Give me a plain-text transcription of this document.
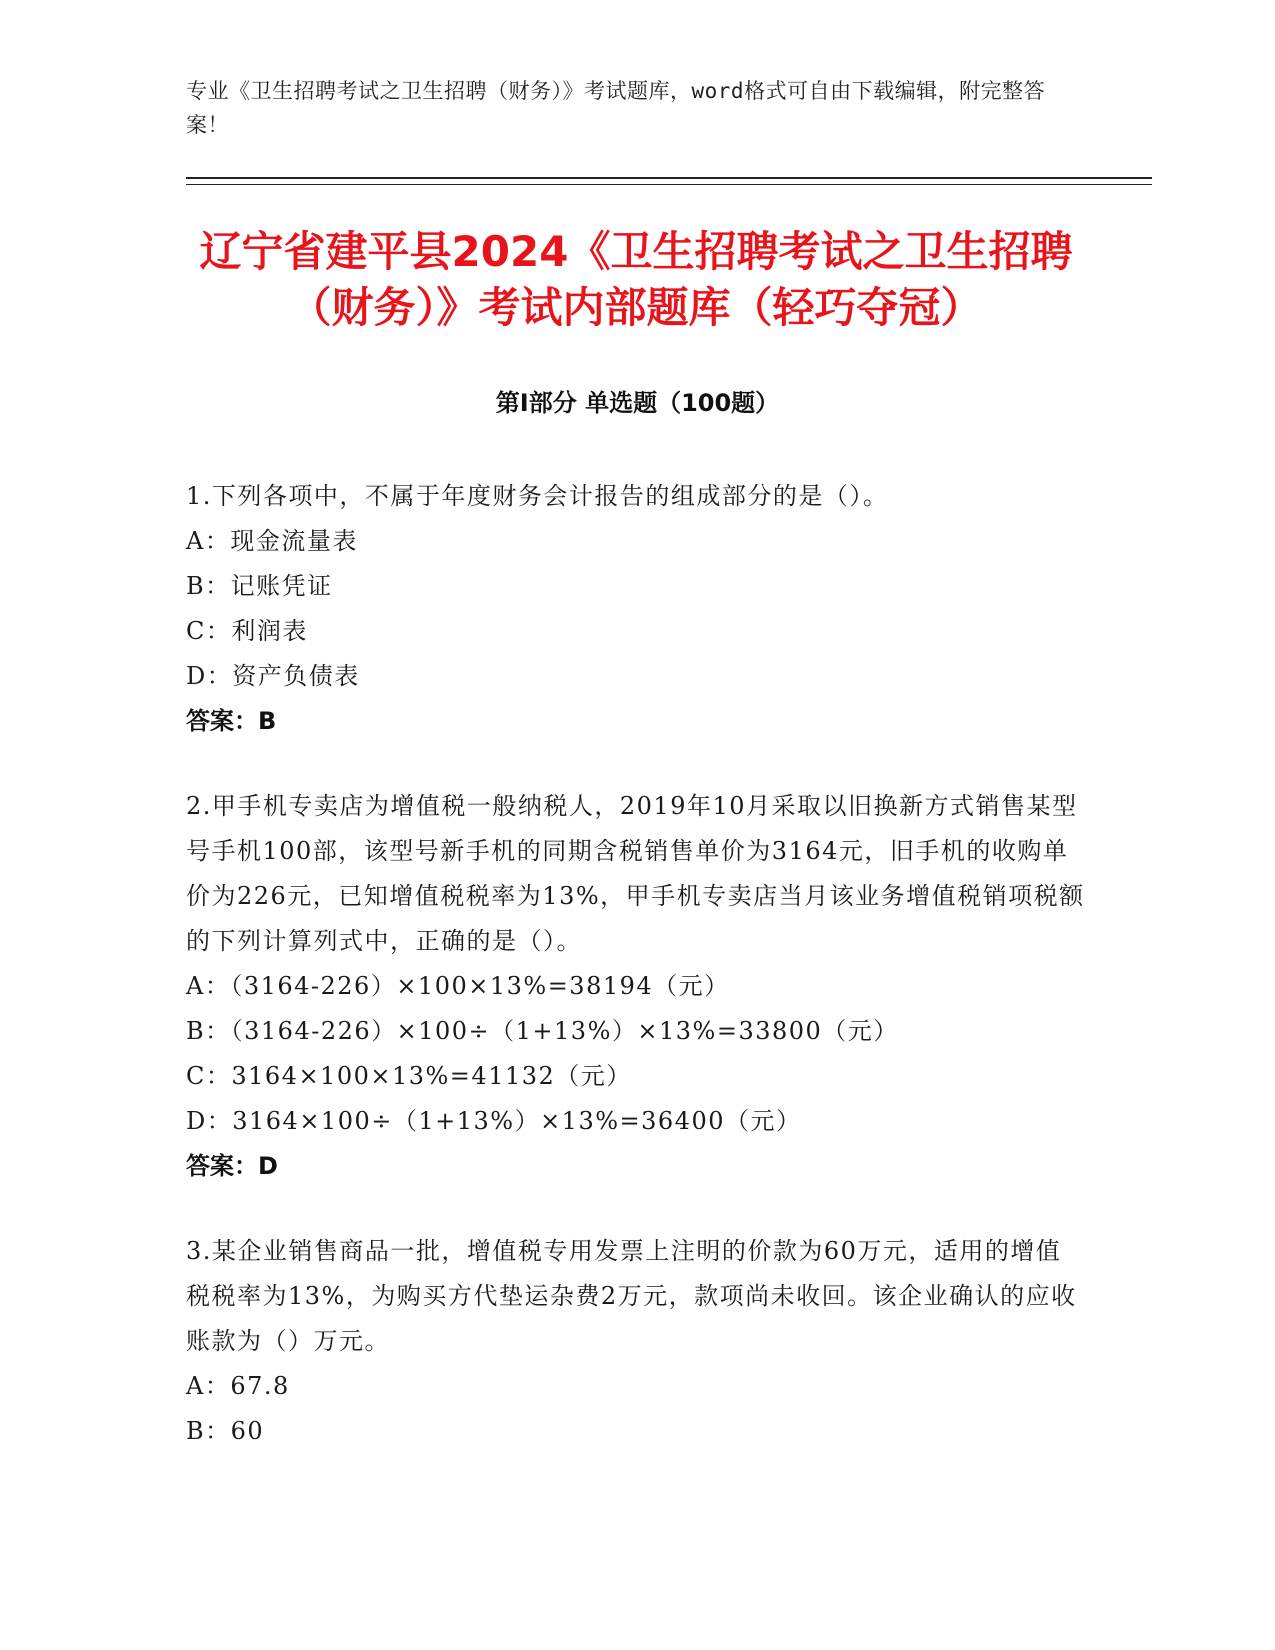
专业《卫生招聘考试之卫生招聘（财务）》考试题库，word格式可自由下载编辑，附完整答案！
辽宁省建平县2024《卫生招聘考试之卫生招聘（财务）》考试内部题库（轻巧夺冠）
第I部分 单选题（100题）

1.下列各项中，不属于年度财务会计报告的组成部分的是（）。

A：现金流量表

B：记账凭证

C：利润表

D：资产负债表

答案：B

2.甲手机专卖店为增值税一般纳税人，2019年10月采取以旧换新方式销售某型号手机100部，该型号新手机的同期含税销售单价为3164元，旧手机的收购单价为226元，已知增值税税率为13%，甲手机专卖店当月该业务增值税销项税额的下列计算列式中，正确的是（）。

A：（3164-226）×100×13%=38194（元）

B：（3164-226）×100÷（1+13%）×13%=33800（元）

C：3164×100×13%=41132（元）

D：3164×100÷（1+13%）×13%=36400（元）

答案：D

3.某企业销售商品一批，增值税专用发票上注明的价款为60万元，适用的增值税税率为13%，为购买方代垫运杂费2万元，款项尚未收回。该企业确认的应收账款为（）万元。

A：67.8

B：60
